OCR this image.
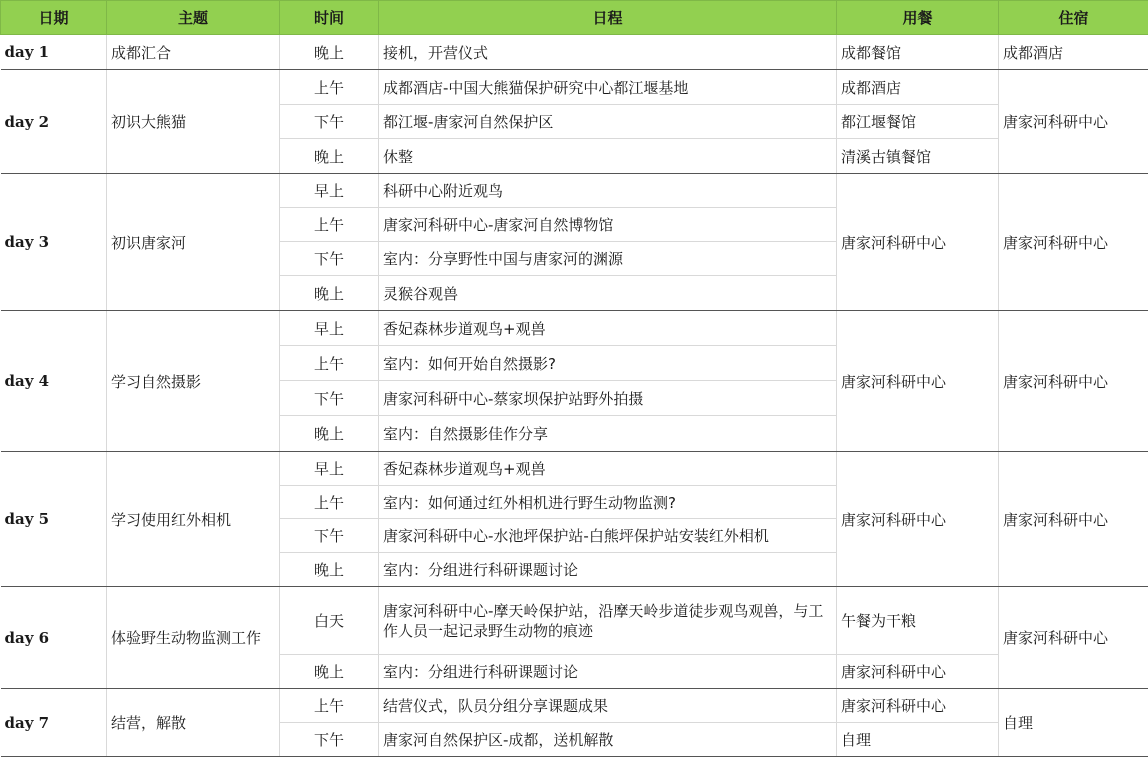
日期	主题	时间	日程	用餐	住宿
day 1	成都汇合	晚上	接机，开营仪式	成都餐馆	成都酒店
day 2	初识大熊猫	上午	成都酒店-中国大熊猫保护研究中心都江堰基地	成都酒店	唐家河科研中心
		下午	都江堰-唐家河自然保护区	都江堰餐馆	
		晚上	休整	清溪古镇餐馆	
day 3	初识唐家河	早上	科研中心附近观鸟	唐家河科研中心	唐家河科研中心
		上午	唐家河科研中心-唐家河自然博物馆		
		下午	室内：分享野性中国与唐家河的渊源		
		晚上	灵猴谷观兽		
day 4	学习自然摄影	早上	香妃森林步道观鸟+观兽	唐家河科研中心	唐家河科研中心
		上午	室内：如何开始自然摄影?		
		下午	唐家河科研中心-蔡家坝保护站野外拍摄		
		晚上	室内：自然摄影佳作分享		
day 5	学习使用红外相机	早上	香妃森林步道观鸟+观兽	唐家河科研中心	唐家河科研中心
		上午	室内：如何通过红外相机进行野生动物监测?		
		下午	唐家河科研中心-水池坪保护站-白熊坪保护站安装红外相机		
		晚上	室内：分组进行科研课题讨论		
day 6	体验野生动物监测工作	白天	唐家河科研中心-摩天岭保护站，沿摩天岭步道徒步观鸟观兽，与工作人员一起记录野生动物的痕迹	午餐为干粮	唐家河科研中心
		晚上	室内：分组进行科研课题讨论	唐家河科研中心	
day 7	结营，解散	上午	结营仪式，队员分组分享课题成果	唐家河科研中心	自理
		下午	唐家河自然保护区-成都，送机解散	自理	
